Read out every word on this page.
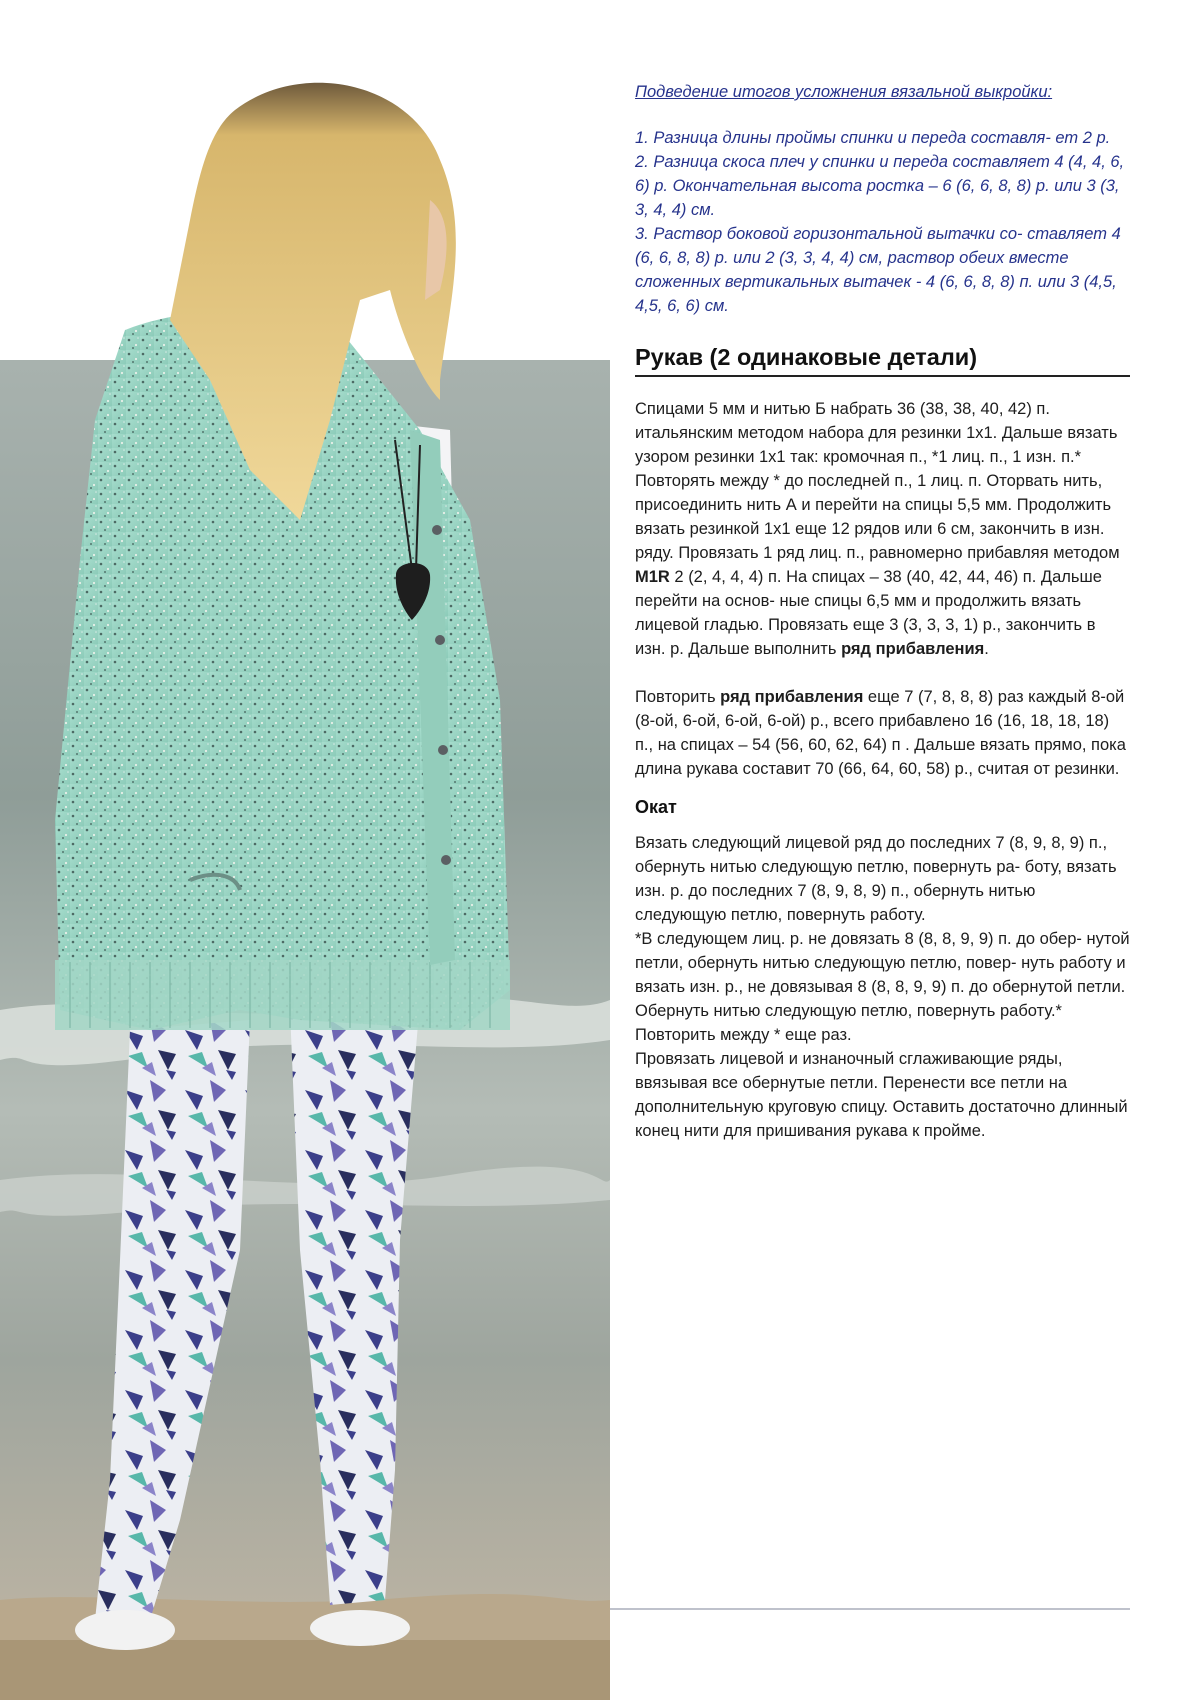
Подведение итогов усложнения вязальной выкройки:

1. Разница длины проймы спинки и переда составля- ет 2 р.

2. Разница скоса плеч у спинки и переда составляет 4 (4, 4, 6, 6) р. Окончательная высота ростка – 6 (6, 6, 8, 8) р. или 3 (3, 3, 4, 4) см.

3. Раствор боковой горизонтальной вытачки со- ставляет 4 (6, 6, 8, 8) р. или 2 (3, 3, 4, 4) см, раствор обеих вместе сложенных вертикальных вытачек - 4 (6, 6, 8, 8) п. или 3 (4,5, 4,5, 6, 6) см.

Рукав (2 одинаковые детали)

Спицами 5 мм и нитью Б набрать 36 (38, 38, 40, 42) п. итальянским методом набора для резинки 1x1. Дальше вязать узором резинки 1x1 так: кромочная п., *1 лиц. п., 1 изн. п.* Повторять между * до последней п., 1 лиц. п. Оторвать нить, присоединить нить А и перейти на спицы 5,5 мм. Продолжить вязать резинкой 1x1 еще 12 рядов или 6 см, закончить в изн. ряду. Провязать 1 ряд лиц. п., равномерно прибавляя методом M1R 2 (2, 4, 4, 4) п. На спицах – 38 (40, 42, 44, 46) п. Дальше перейти на основ- ные спицы 6,5 мм и продолжить вязать лицевой гладью. Провязать еще 3 (3, 3, 3, 1) р., закончить в изн. р. Дальше выполнить ряд прибавления.

Повторить ряд прибавления еще 7 (7, 8, 8, 8) раз каждый 8-ой (8-ой, 6-ой, 6-ой, 6-ой) р., всего прибавлено 16 (16, 18, 18, 18) п., на спицах – 54 (56, 60, 62, 64) п . Дальше вязать прямо, пока длина рукава составит 70 (66, 64, 60, 58) р., считая от резинки.

Окат

Вязать следующий лицевой ряд до последних 7 (8, 9, 8, 9) п., обернуть нитью следующую петлю, повернуть ра- боту, вязать изн. р. до последних 7 (8, 9, 8, 9) п., обернуть нитью следующую петлю, повернуть работу.

*В следующем лиц. р. не довязать 8 (8, 8, 9, 9) п. до обер- нутой петли, обернуть нитью следующую петлю, повер- нуть работу и вязать изн. р., не довязывая 8 (8, 8, 9, 9) п. до обернутой петли. Обернуть нитью следующую петлю, повернуть работу.*

Повторить между * еще раз.

Провязать лицевой и изнаночный сглаживающие ряды, ввязывая все обернутые петли. Перенести все петли на дополнительную круговую спицу. Оставить достаточно длинный конец нити для пришивания рукава к пройме.
